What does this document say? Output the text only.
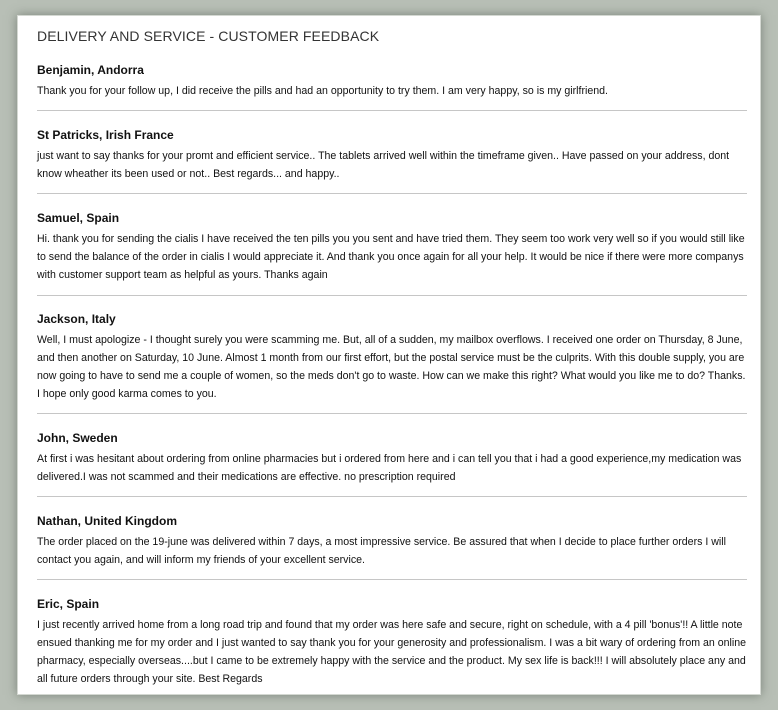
DELIVERY AND SERVICE - CUSTOMER FEEDBACK
Benjamin, Andorra
Thank you for your follow up, I did receive the pills and had an opportunity to try them. I am very happy, so is my girlfriend.
St Patricks, Irish France
just want to say thanks for your promt and efficient service.. The tablets arrived well within the timeframe given.. Have passed on your address, dont know wheather its been used or not.. Best regards... and happy..
Samuel, Spain
Hi. thank you for sending the cialis I have received the ten pills you you sent and have tried them. They seem too work very well so if you would still like to send the balance of the order in cialis I would appreciate it. And thank you once again for all your help. It would be nice if there were more companys with customer support team as helpful as yours. Thanks again
Jackson, Italy
Well, I must apologize - I thought surely you were scamming me. But, all of a sudden, my mailbox overflows. I received one order on Thursday, 8 June, and then another on Saturday, 10 June. Almost 1 month from our first effort, but the postal service must be the culprits. With this double supply, you are now going to have to send me a couple of women, so the meds don't go to waste. How can we make this right? What would you like me to do? Thanks. I hope only good karma comes to you.
John, Sweden
At first i was hesitant about ordering from online pharmacies but i ordered from here and i can tell you that i had a good experience,my medication was delivered.I was not scammed and their medications are effective. no prescription required
Nathan, United Kingdom
The order placed on the 19-june was delivered within 7 days, a most impressive service. Be assured that when I decide to place further orders I will contact you again, and will inform my friends of your excellent service.
Eric, Spain
I just recently arrived home from a long road trip and found that my order was here safe and secure, right on schedule, with a 4 pill 'bonus'!! A little note ensued thanking me for my order and I just wanted to say thank you for your generosity and professionalism. I was a bit wary of ordering from an online pharmacy, especially overseas....but I came to be extremely happy with the service and the product. My sex life is back!!! I will absolutely place any and all future orders through your site. Best Regards
